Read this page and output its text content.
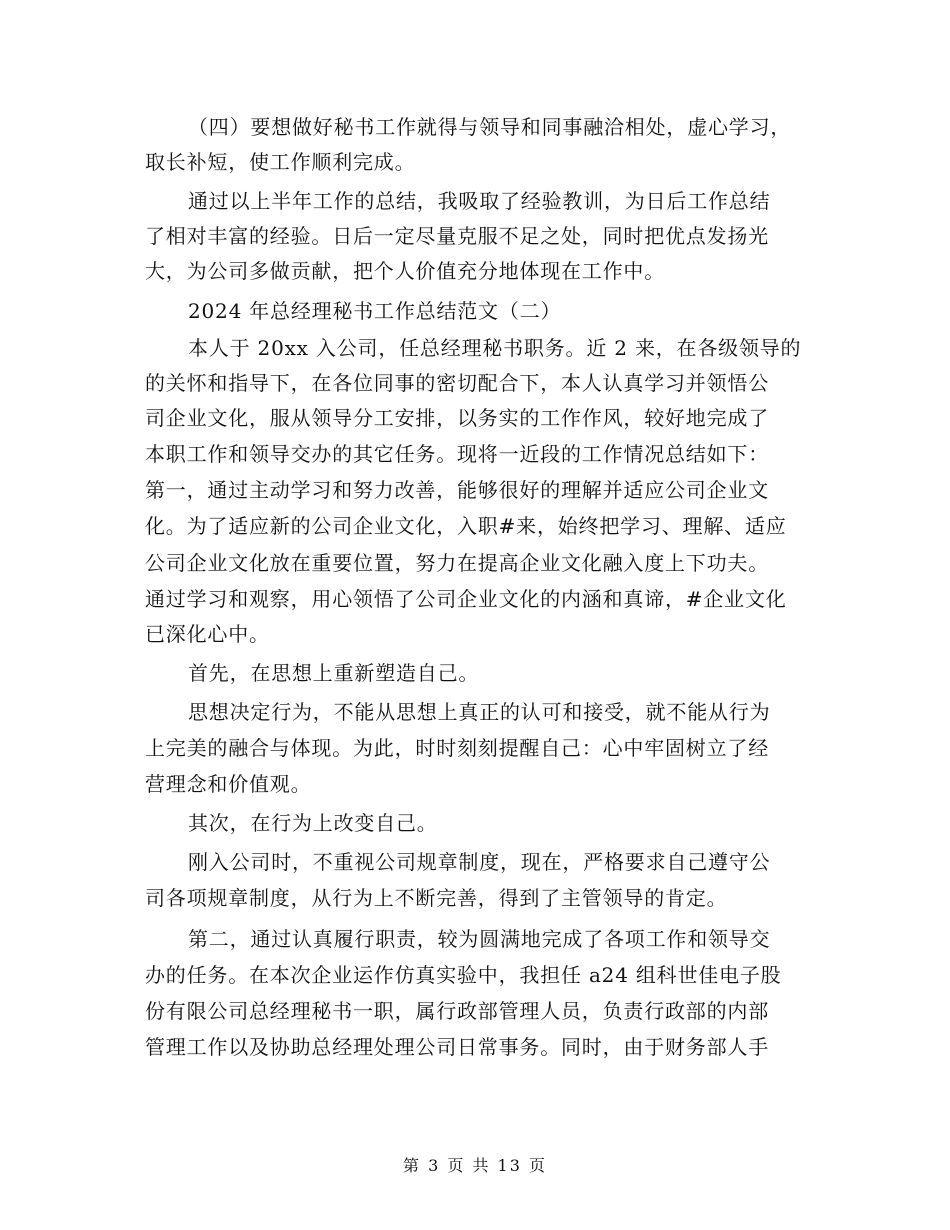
（四）要想做好秘书工作就得与领导和同事融洽相处，虚心学习，
取长补短，使工作顺利完成。
通过以上半年工作的总结，我吸取了经验教训，为日后工作总结
了相对丰富的经验。日后一定尽量克服不足之处，同时把优点发扬光
大，为公司多做贡献，把个人价值充分地体现在工作中。
2024 年总经理秘书工作总结范文（二）
本人于 20xx 入公司，任总经理秘书职务。近 2 来，在各级领导的
的关怀和指导下，在各位同事的密切配合下，本人认真学习并领悟公
司企业文化，服从领导分工安排，以务实的工作作风，较好地完成了
本职工作和领导交办的其它任务。现将一近段的工作情况总结如下：
第一，通过主动学习和努力改善，能够很好的理解并适应公司企业文
化。为了适应新的公司企业文化，入职#来，始终把学习、理解、适应
公司企业文化放在重要位置，努力在提高企业文化融入度上下功夫。
通过学习和观察，用心领悟了公司企业文化的内涵和真谛，#企业文化
已深化心中。
首先，在思想上重新塑造自己。
思想决定行为，不能从思想上真正的认可和接受，就不能从行为
上完美的融合与体现。为此，时时刻刻提醒自己：心中牢固树立了经
营理念和价值观。
其次，在行为上改变自己。
刚入公司时，不重视公司规章制度，现在，严格要求自己遵守公
司各项规章制度，从行为上不断完善，得到了主管领导的肯定。
第二，通过认真履行职责，较为圆满地完成了各项工作和领导交
办的任务。在本次企业运作仿真实验中，我担任 a24 组科世佳电子股
份有限公司总经理秘书一职，属行政部管理人员，负责行政部的内部
管理工作以及协助总经理处理公司日常事务。同时，由于财务部人手
第 3 页 共 13 页
